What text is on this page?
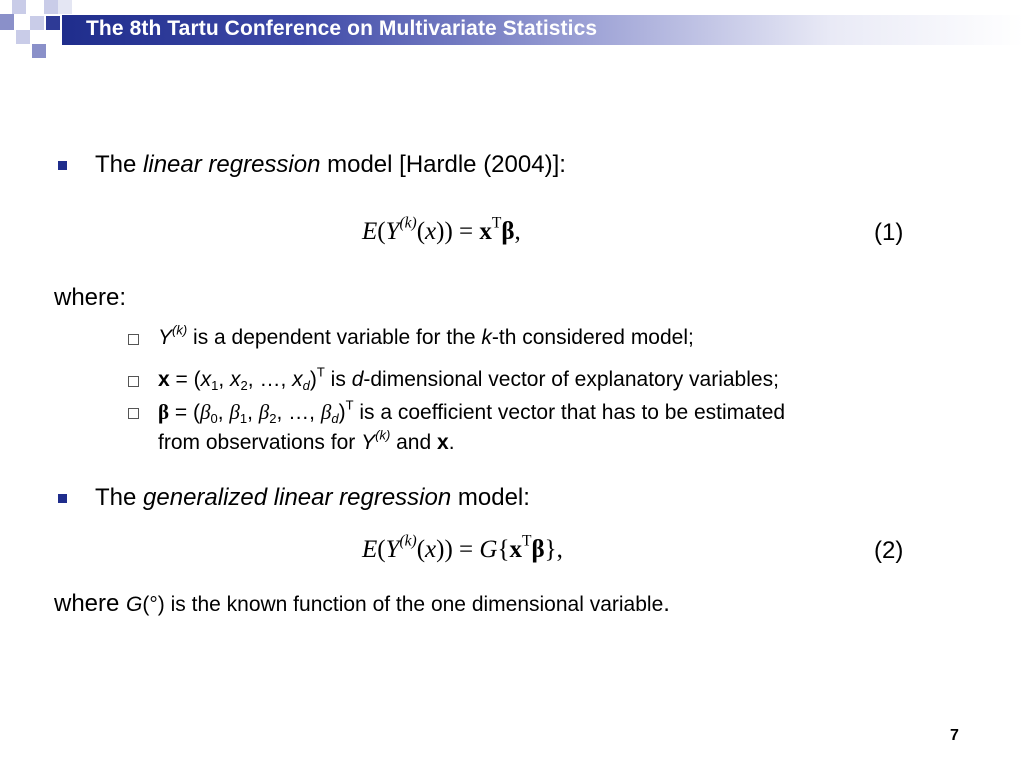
The 8th Tartu Conference on Multivariate Statistics
The linear regression model [Hardle (2004)]:
$E(Y^{(k)}(x)) = x^T\beta$,	(1)
where:
$Y^{(k)}$ is a dependent variable for the k-th considered model;
$x = (x_1$, $x_2$, …, $x_d)^T$ is d-dimensional vector of explanatory variables;
$\beta = (\beta_0$, $\beta_1$, $\beta_2$, …, $\beta_d)^T$ is a coefficient vector that has to be estimated
from observations for $Y^{(k)}$ and x.
The generalized linear regression model:
$E(Y^{(k)}(x)) = G\{x^T\beta\}$,	(2)
where G(°) is the known function of the one dimensional variable.
7
